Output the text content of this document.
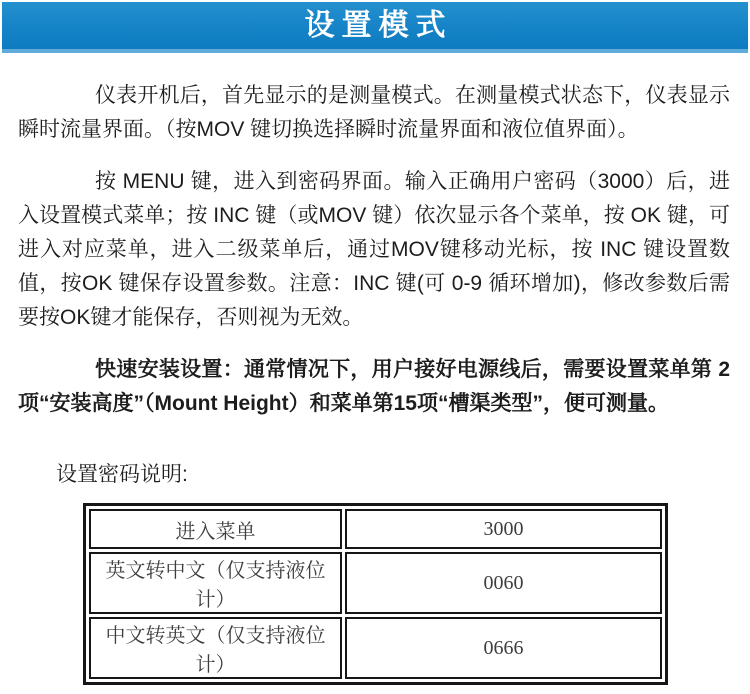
设置模式

仪表开机后，首先显示的是测量模式。在测量模式状态下，仪表显示瞬时流量界面。（按MOV 键切换选择瞬时流量界面和液位值界面）。

按 MENU 键，进入到密码界面。输入正确用户密码（3000）后，进入设置模式菜单；按 INC 键（或MOV 键）依次显示各个菜单，按 OK 键，可进入对应菜单，进入二级菜单后，通过MOV键移动光标，按 INC 键设置数值，按OK 键保存设置参数。注意：INC 键(可 0-9 循环增加)，修改参数后需要按OK键才能保存，否则视为无效。

快速安装设置：通常情况下，用户接好电源线后，需要设置菜单第 2 项“安装高度”（Mount Height）和菜单第15项“槽渠类型”，便可测量。

设置密码说明:
进入菜单	3000
英文转中文（仅支持液位计）	0060
中文转英文（仅支持液位计）	0666
